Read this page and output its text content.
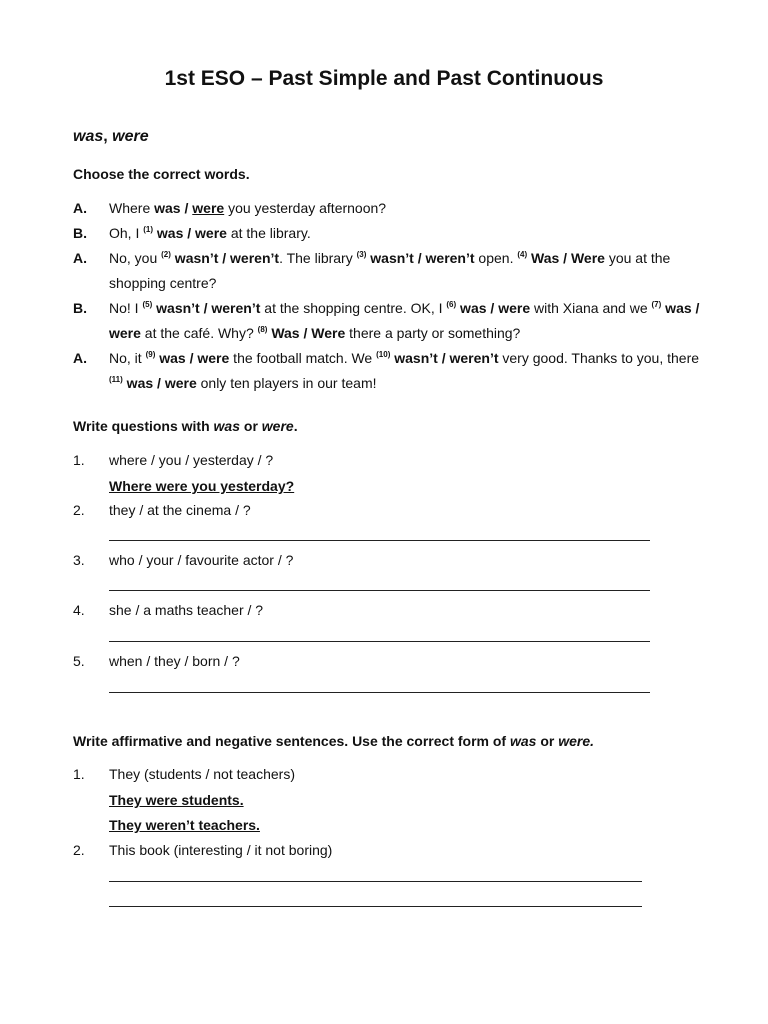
1st ESO – Past Simple and Past Continuous
was, were
Choose the correct words.
A. Where was / were you yesterday afternoon?
B. Oh, I $^{(1)}$ was / were at the library.
A. No, you $^{(2)}$ wasn’t / weren’t. The library $^{(3)}$ wasn’t / weren’t open. $^{(4)}$ Was / Were you at the shopping centre?
B. No! I $^{(5)}$ wasn’t / weren’t at the shopping centre. OK, I $^{(6)}$ was / were with Xiana and we $^{(7)}$ was / were at the café. Why? $^{(8)}$ Was / Were there a party or something?
A. No, it $^{(9)}$ was / were the football match. We $^{(10)}$ wasn’t / weren’t very good. Thanks to you, there $^{(11)}$ was / were only ten players in our team!
Write questions with was or were.
1. where / you / yesterday / ?
Where were you yesterday?
2. they / at the cinema / ?
3. who / your / favourite actor / ?
4. she / a maths teacher / ?
5. when / they / born / ?
Write affirmative and negative sentences. Use the correct form of was or were.
1. They (students / not teachers)
They were students.
They weren’t teachers.
2. This book (interesting / it not boring)
